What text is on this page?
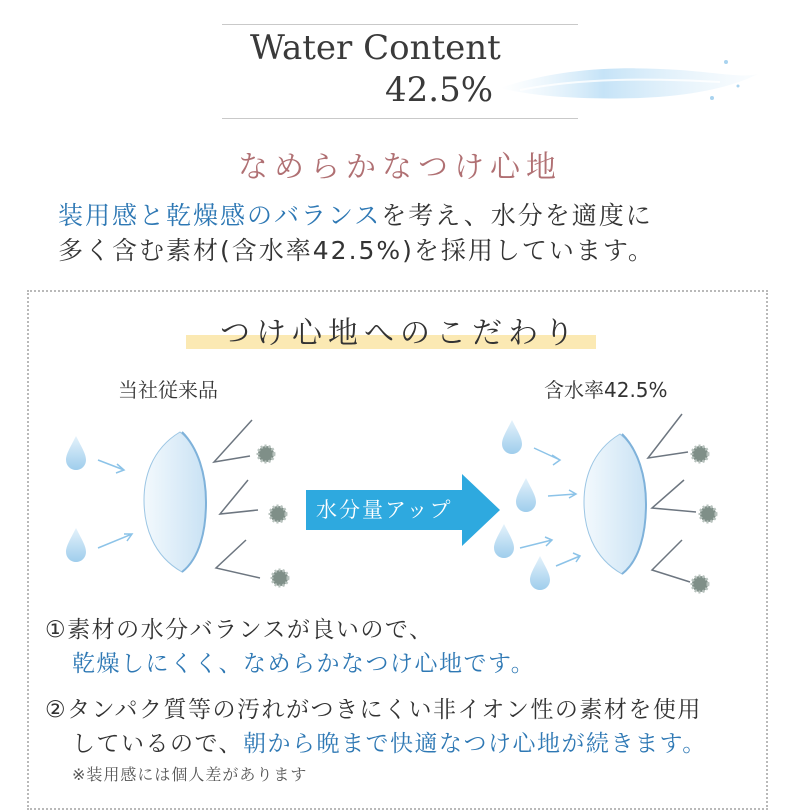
Water Content
42.5%
なめらかなつけ心地
装用感と乾燥感のバランスを考え、水分を適度に
多く含む素材(含水率42.5%)を採用しています。
つけ心地へのこだわり
当社従来品	含水率42.5%
水分量アップ
①素材の水分バランスが良いので、
乾燥しにくく、なめらかなつけ心地です。
②タンパク質等の汚れがつきにくい非イオン性の素材を使用
しているので、朝から晩まで快適なつけ心地が続きます。
※装用感には個人差があります
